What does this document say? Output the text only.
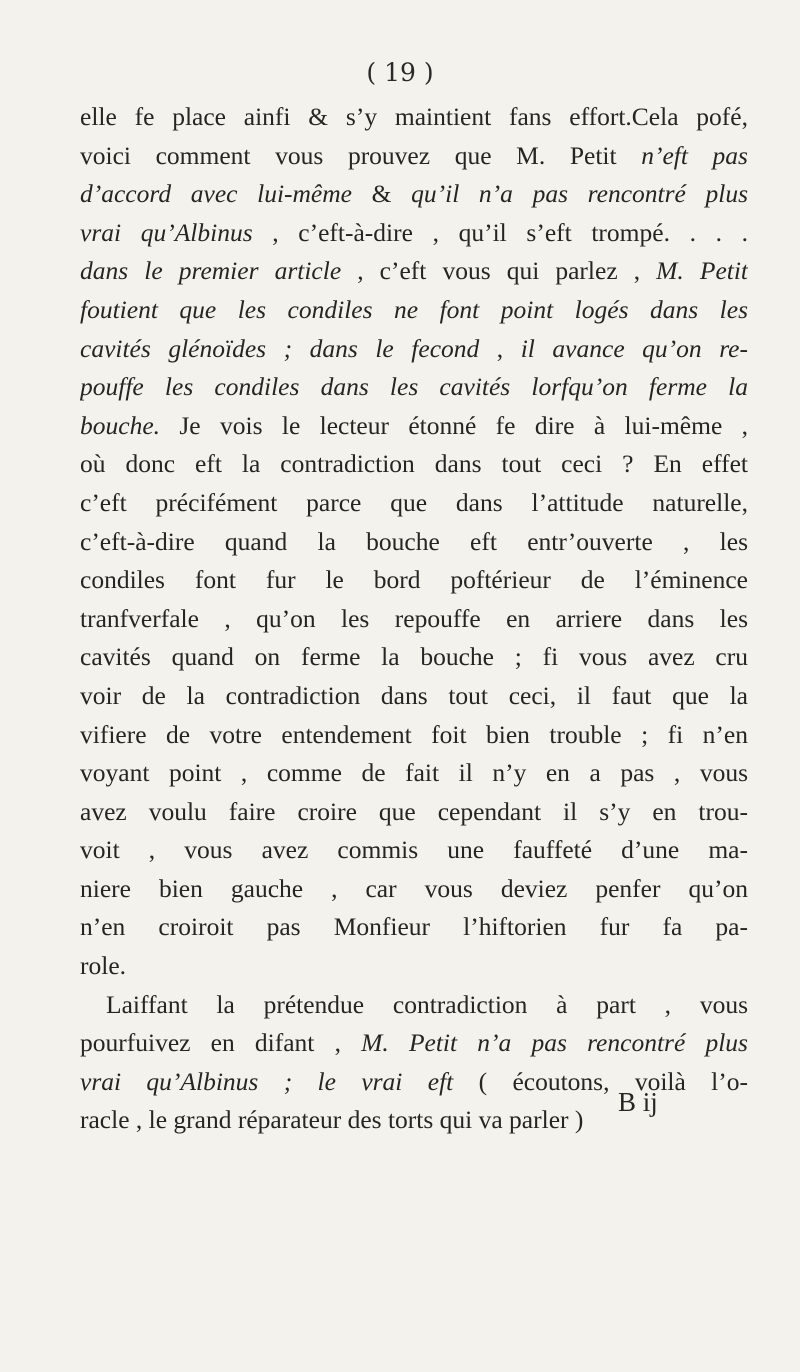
( 19 )
elle fe place ainfi & s’y maintient fans effort.Cela pofé,
voici comment vous prouvez que M. Petit n’eft pas
d’accord avec lui-même & qu’il n’a pas rencontré plus
vrai qu’Albinus , c’eft-à-dire , qu’il s’eft trompé. . . .
dans le premier article , c’eft vous qui parlez , M. Petit
foutient que les condiles ne font point logés dans les
cavités glénoïdes ; dans le fecond , il avance qu’on re-
pouffe les condiles dans les cavités lorfqu’on ferme la
bouche. Je vois le lecteur étonné fe dire à lui-même ,
où donc eft la contradiction dans tout ceci ? En effet
c’eft précifément parce que dans l’attitude naturelle,
c’eft-à-dire quand la bouche eft entr’ouverte , les
condiles font fur le bord poftérieur de l’éminence
tranfverfale , qu’on les repouffe en arriere dans les
cavités quand on ferme la bouche ; fi vous avez cru
voir de la contradiction dans tout ceci, il faut que la
vifiere de votre entendement foit bien trouble ; fi n’en
voyant point , comme de fait il n’y en a pas , vous
avez voulu faire croire que cependant il s’y en trou-
voit , vous avez commis une fauffeté d’une ma-
niere bien gauche , car vous deviez penfer qu’on
n’en croiroit pas Monfieur l’hiftorien fur fa pa-
role.
Laiffant la prétendue contradiction à part , vous
pourfuivez en difant , M. Petit n’a pas rencontré plus
vrai qu’Albinus ; le vrai eft ( écoutons, voilà l’o-
racle , le grand réparateur des torts qui va parler )
B ij
